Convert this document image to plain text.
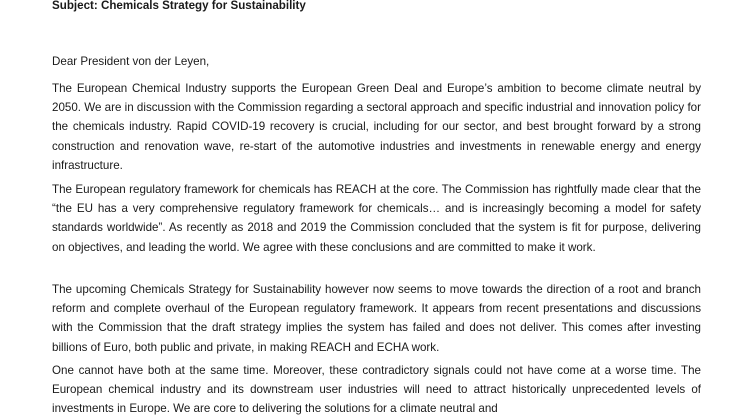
Subject: Chemicals Strategy for Sustainability

Dear President von der Leyen,

The European Chemical Industry supports the European Green Deal and Europe’s ambition to become climate neutral by 2050. We are in discussion with the Commission regarding a sectoral approach and specific industrial and innovation policy for the chemicals industry. Rapid COVID-19 recovery is crucial, including for our sector, and best brought forward by a strong construction and renovation wave, re-start of the automotive industries and investments in renewable energy and energy infrastructure.

The European regulatory framework for chemicals has REACH at the core. The Commission has rightfully made clear that the “the EU has a very comprehensive regulatory framework for chemicals… and is increasingly becoming a model for safety standards worldwide”. As recently as 2018 and 2019 the Commission concluded that the system is fit for purpose, delivering on objectives, and leading the world. We agree with these conclusions and are committed to make it work.

The upcoming Chemicals Strategy for Sustainability however now seems to move towards the direction of a root and branch reform and complete overhaul of the European regulatory framework. It appears from recent presentations and discussions with the Commission that the draft strategy implies the system has failed and does not deliver. This comes after investing billions of Euro, both public and private, in making REACH and ECHA work.

One cannot have both at the same time. Moreover, these contradictory signals could not have come at a worse time. The European chemical industry and its downstream user industries will need to attract historically unprecedented levels of investments in Europe. We are core to delivering the solutions for a climate neutral and
